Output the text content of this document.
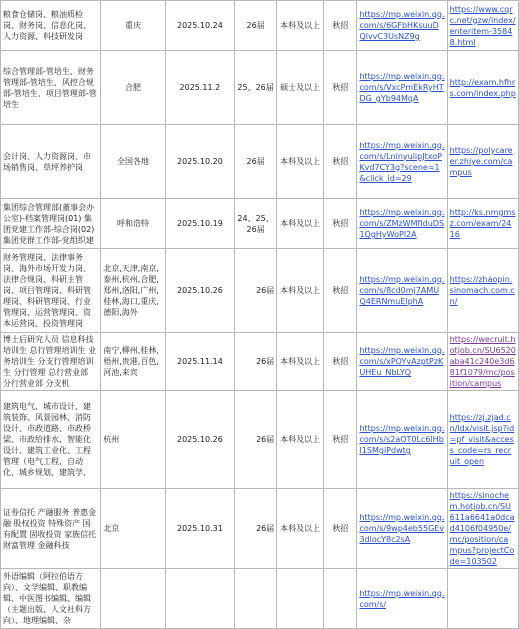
粮食仓储岗、粮油质检岗、财务岗、信息化岗、人力资源、科技研发岗	重庆	2025.10.24	26届	本科及以上	秋招	https://mp.weixin.qq.com/s/6GFbHKsuuDQlvvC3UsNZ9g	https://www.cqrc.net/gzw/index/enteritem-35848.html
综合管理部-管培生、财务管理部-管培生、风控合规部-管培生、项目管理部-管培生	合肥	2025.11.2	25、26届	硕士及以上	秋招	https://mp.weixin.qq.com/s/VxcPmEkRyHTDG_gYb94MqA	http://exam.hfhrs.com/index.php
会计岗、人力资源岗、市场销售岗、草坪养护岗	全国各地	2025.10.20	26届	本科及以上	秋招	https://mp.weixin.qq.com/s/LninyulipJtxoPKvd7CY3g?scene=1&click_id=29	https://polycareer.zhiye.com/campus
集团综合管理部(董事会办公室)-档案管理岗(01) 集团党建工作部-综合岗(02) 集团党群工作部-党组织建	呼和浩特	2025.10.19	24、25、26届	本科及以上	秋招	https://mp.weixin.qq.com/s/ZMzWMfIduDS1QgHyWoPl2A	http://ks.nmgmsz.com/exam/2416
财务管理岗、法律事务岗、海外市场开发力岗、法律合规岗、科研主管岗、项目管理岗、科研管理岗、科研管理岗、行业管理岗、运营管理岗、资本运营岗、投资管理岗	北京,天津,南京,泰州,杭州,合肥,郑州,洛阳,广州,桂林,海口,重庆,德阳,海外	2025.10.26	26届	本科及以上	秋招	https://mp.weixin.qq.com/s/8cd0mj7AMUQ4ERNmuElphA	https://zhaopin.sinomach.com.cn/
博士后研究人员 信息科技培训生 总行管理培训生 业务培训生 分支行管理培训生 分行管理 总行营业部 分行营业部 分支机	南宁,柳州,桂林,梧州,贵港,百色,河池,来宾	2025.11.14	26届	本科及以上	秋招	https://mp.weixin.qq.com/s/xPOYvAzptPzKUHEu_NbLYQ	https://wecruit.hotjob.cn/SU6520aba41c240e3d681f1079/mc/position/campus
建筑电气、城市设计、建筑装饰、风景园林、消防设计、市政道路、市政桥梁、市政给排水、智能化设计、建筑工业化、工程管理（电气工程，自动化，城乡规划，建筑学，	杭州	2025.10.26	26届	本科及以上	秋招	https://mp.weixin.qq.com/s/s2aOT0Lc6lHbI1SMgiPdwtg	https://zj.zjad.cn/ldx/visit.jsp?id=pf_visit&access_code=rs_recruit_open
证券信托 产融服务 普惠金融 股权投资 特殊资产 国有配置 固收投资 家族信托 财富管理 金融科技	北京	2025.10.31	26届	本科及以上	秋招	https://mp.weixin.qq.com/s/9wp4eb55GEv3dlocY8c2sA	https://sinochem.hotjob.cn/SU611a6641a0dcad4106f04950e/mc/position/campus?projectCode=103502
外语编辑（阿拉伯语方向）、文学编辑、职教编辑、中医图书编辑、编辑（主题出版、人文社科方向）、地理编辑、杂						https://mp.weixin.qq.com/s/	
